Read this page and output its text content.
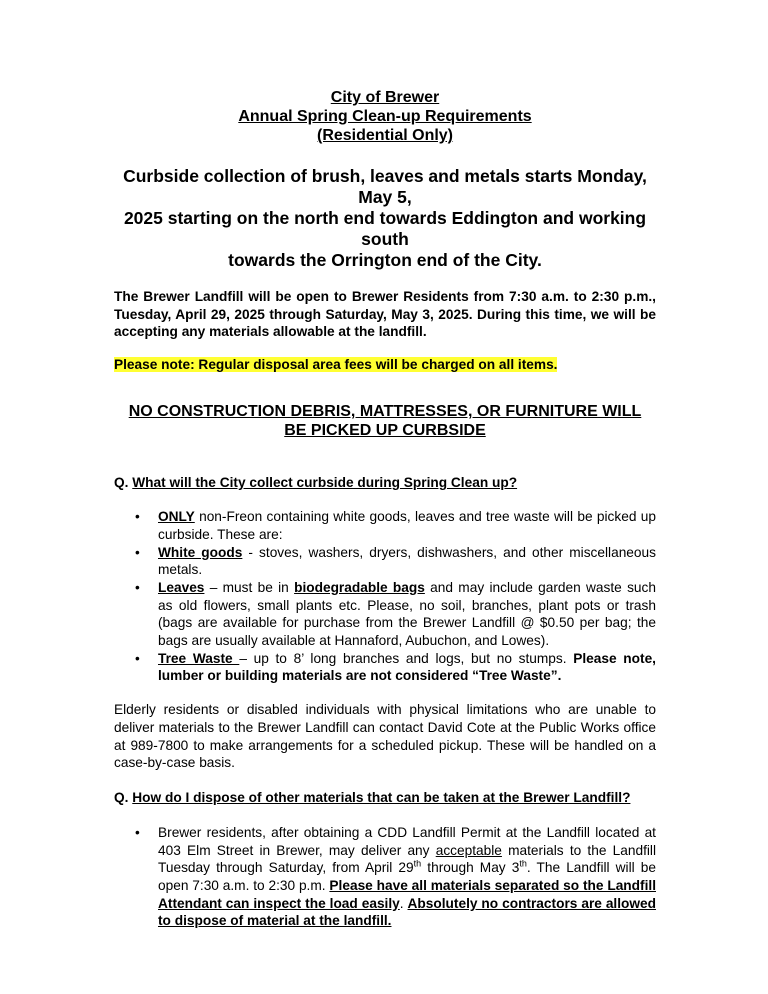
City of Brewer
Annual Spring Clean-up Requirements
(Residential Only)
Curbside collection of brush, leaves and metals starts Monday, May 5,
2025 starting on the north end towards Eddington and working south
towards the Orrington end of the City.
The Brewer Landfill will be open to Brewer Residents from 7:30 a.m. to 2:30 p.m., Tuesday, April 29, 2025 through Saturday, May 3, 2025. During this time, we will be accepting any materials allowable at the landfill.
Please note: Regular disposal area fees will be charged on all items.
NO CONSTRUCTION DEBRIS, MATTRESSES, OR FURNITURE WILL
BE PICKED UP CURBSIDE
Q. What will the City collect curbside during Spring Clean up?
• ONLY non-Freon containing white goods, leaves and tree waste will be picked up curbside. These are:
• White goods - stoves, washers, dryers, dishwashers, and other miscellaneous metals.
• Leaves – must be in biodegradable bags and may include garden waste such as old flowers, small plants etc. Please, no soil, branches, plant pots or trash (bags are available for purchase from the Brewer Landfill @ $0.50 per bag; the bags are usually available at Hannaford, Aubuchon, and Lowes).
• Tree Waste – up to 8’ long branches and logs, but no stumps. Please note, lumber or building materials are not considered “Tree Waste”.
Elderly residents or disabled individuals with physical limitations who are unable to deliver materials to the Brewer Landfill can contact David Cote at the Public Works office at 989-7800 to make arrangements for a scheduled pickup. These will be handled on a case-by-case basis.
Q. How do I dispose of other materials that can be taken at the Brewer Landfill?
• Brewer residents, after obtaining a CDD Landfill Permit at the Landfill located at 403 Elm Street in Brewer, may deliver any acceptable materials to the Landfill Tuesday through Saturday, from April 29th through May 3th. The Landfill will be open 7:30 a.m. to 2:30 p.m. Please have all materials separated so the Landfill Attendant can inspect the load easily. Absolutely no contractors are allowed to dispose of material at the landfill.
